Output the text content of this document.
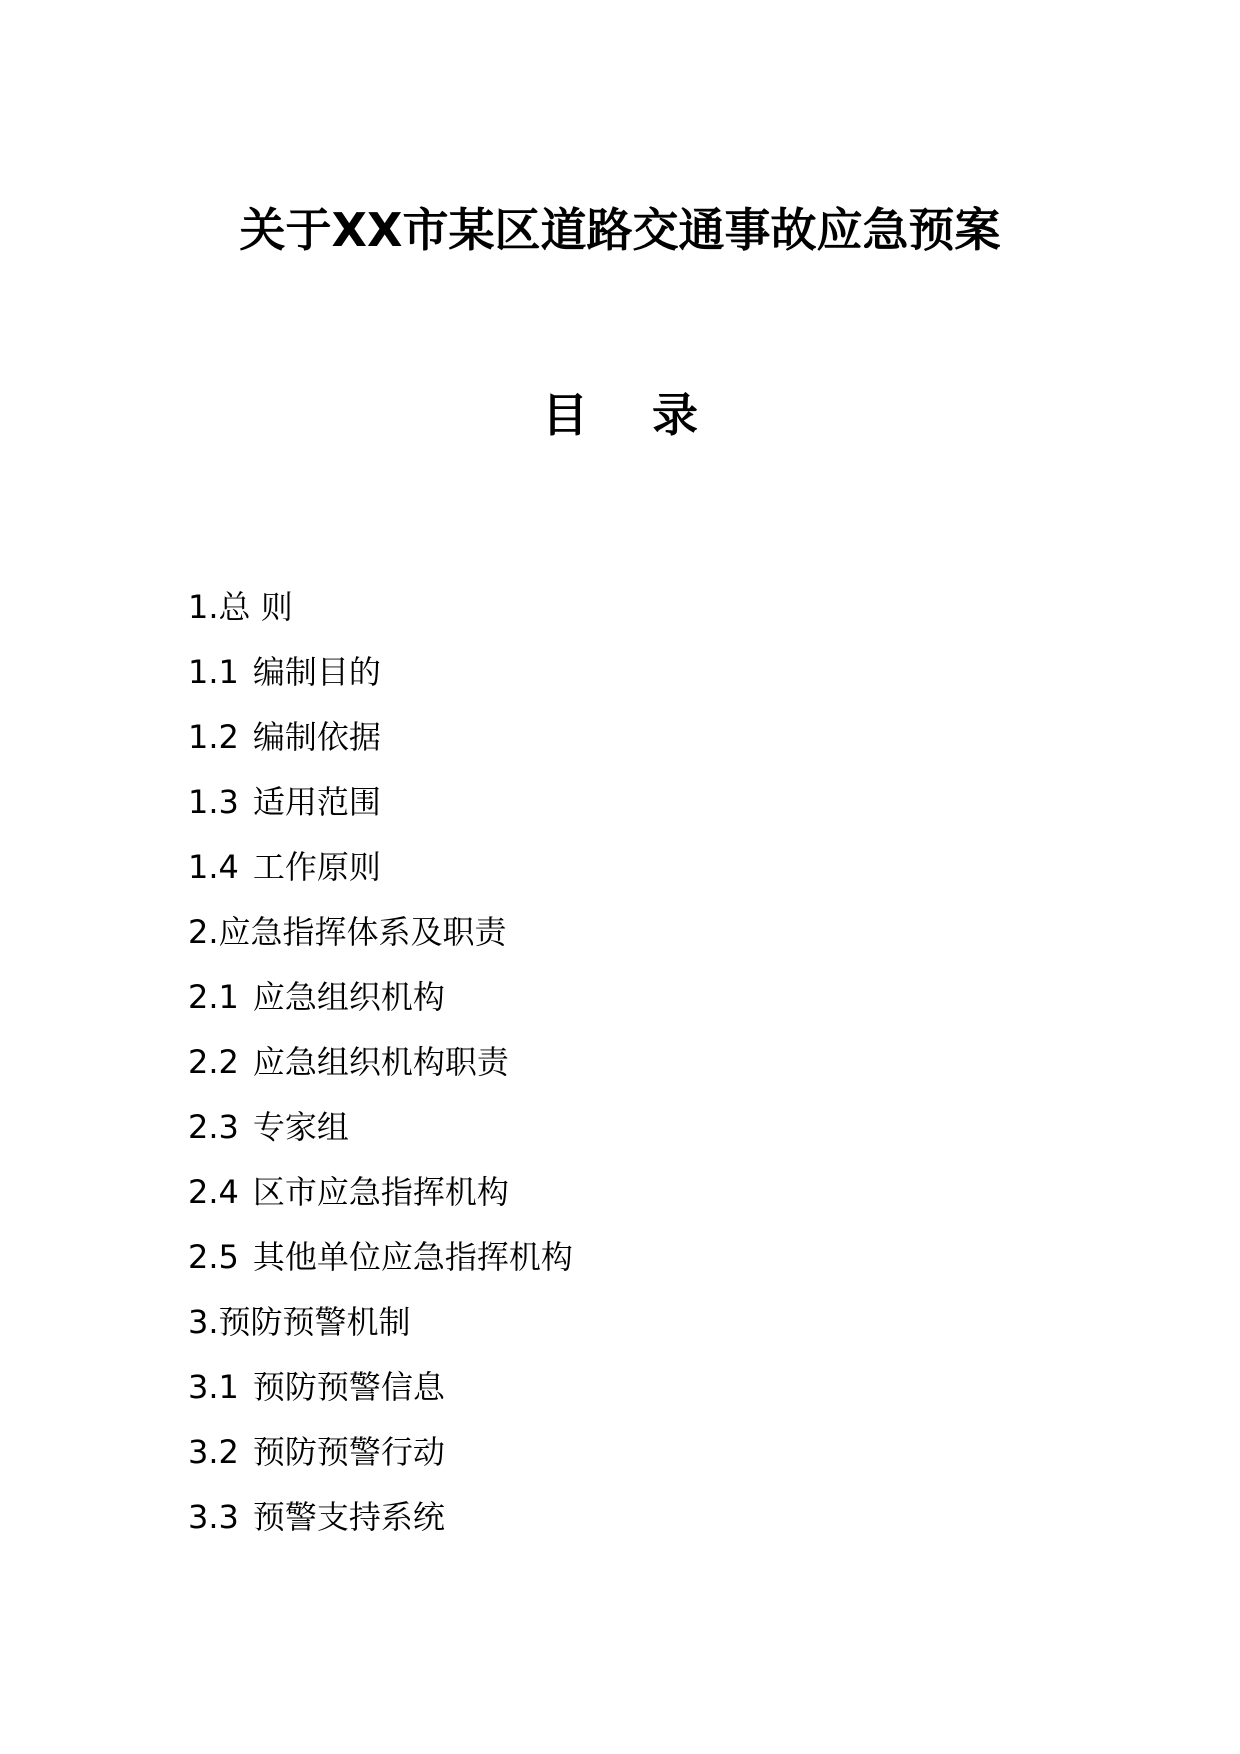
关于XX市某区道路交通事故应急预案
目 录
1.总 则
1.1 编制目的
1.2 编制依据
1.3 适用范围
1.4 工作原则
2.应急指挥体系及职责
2.1 应急组织机构
2.2 应急组织机构职责
2.3 专家组
2.4 区市应急指挥机构
2.5 其他单位应急指挥机构
3.预防预警机制
3.1 预防预警信息
3.2 预防预警行动
3.3 预警支持系统
